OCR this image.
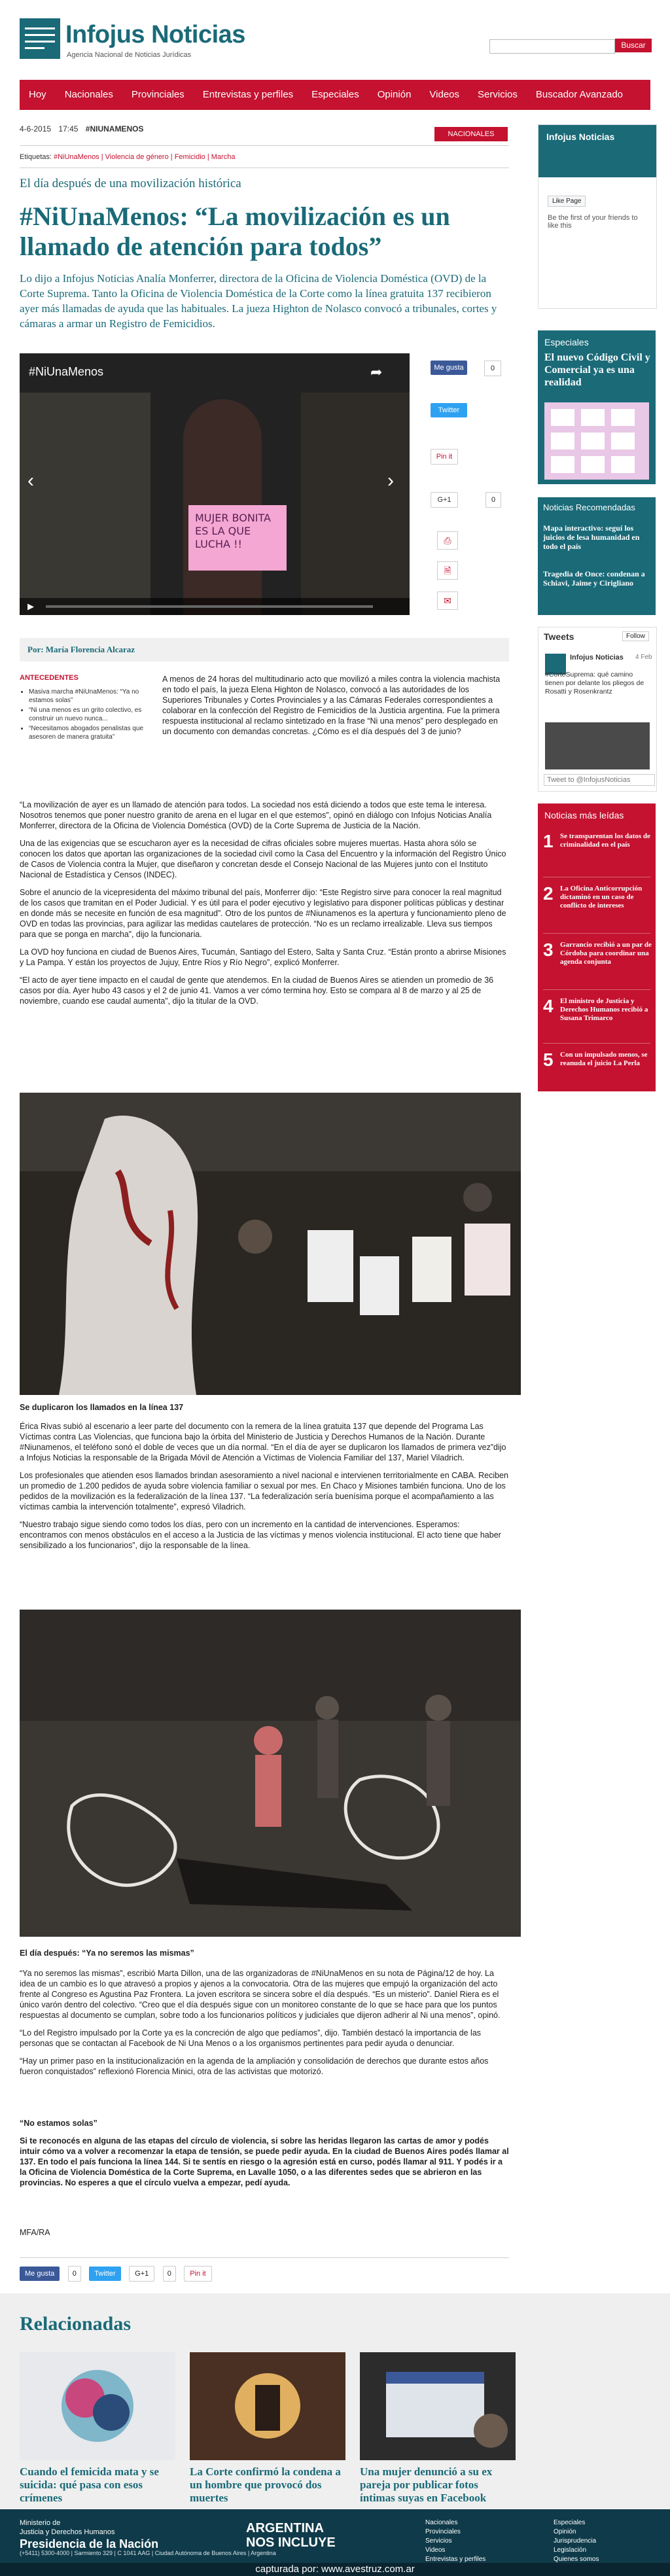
Infojus Noticias
Agencia Nacional de Noticias Jurídicas
Buscar
Hoy	Nacionales	Provinciales	Entrevistas y perfiles	Especiales	Opinión	Videos	Servicios	Buscador Avanzado
4-6-2015 17:45 #NIUNAMENOS
NACIONALES
Etiquetas: #NiUnaMenos | Violencia de género | Femicidio | Marcha
El día después de una movilización histórica
#NiUnaMenos: “La movilización es un llamado de atención para todos”
Lo dijo a Infojus Noticias Analía Monferrer, directora de la Oficina de Violencia Doméstica (OVD) de la Corte Suprema. Tanto la Oficina de Violencia Doméstica de la Corte como la línea gratuita 137 recibieron ayer más llamadas de ayuda que las habituales. La jueza Highton de Nolasco convocó a tribunales, cortes y cámaras a armar un Registro de Femicidios.
MUJER BONITA ES LA QUE LUCHA !!
#NiUnaMenos	➦
‹	›
▶
Me gusta	0
Twitter
Pin it
G+1	0
⎙
🗎
✉
Por: María Florencia Alcaraz
ANTECEDENTES
• Masiva marcha #NiUnaMenos: “Ya no estamos solas”
• “Ni una menos es un grito colectivo, es construir un nuevo nunca...
• “Necesitamos abogados penalistas que asesoren de manera gratuita”

A menos de 24 horas del multitudinario acto que movilizó a miles contra la violencia machista en todo el país, la jueza Elena Highton de Nolasco, convocó a las autoridades de los Superiores Tribunales y Cortes Provinciales y a las Cámaras Federales correspondientes a colaborar en la confección del Registro de Femicidios de la Justicia argentina. Fue la primera respuesta institucional al reclamo sintetizado en la frase “Ni una menos” pero desplegado en un documento con demandas concretas. ¿Cómo es el día después del 3 de junio?

“La movilización de ayer es un llamado de atención para todos. La sociedad nos está diciendo a todos que este tema le interesa. Nosotros tenemos que poner nuestro granito de arena en el lugar en el que estemos”, opinó en diálogo con Infojus Noticias Analía Monferrer, directora de la Oficina de Violencia Doméstica (OVD) de la Corte Suprema de Justicia de la Nación.

Una de las exigencias que se escucharon ayer es la necesidad de cifras oficiales sobre mujeres muertas. Hasta ahora sólo se conocen los datos que aportan las organizaciones de la sociedad civil como la Casa del Encuentro y la información del Registro Único de Casos de Violencia contra la Mujer, que diseñaron y concretan desde el Consejo Nacional de las Mujeres junto con el Instituto Nacional de Estadística y Censos (INDEC).

Sobre el anuncio de la vicepresidenta del máximo tribunal del país, Monferrer dijo: “Este Registro sirve para conocer la real magnitud de los casos que tramitan en el Poder Judicial. Y es útil para el poder ejecutivo y legislativo para disponer políticas públicas y destinar en donde más se necesite en función de esa magnitud”. Otro de los puntos de #Niunamenos es la apertura y funcionamiento pleno de OVD en todas las provincias, para agilizar las medidas cautelares de protección. “No es un reclamo irrealizable. Lleva sus tiempos para que se ponga en marcha”, dijo la funcionaria.

La OVD hoy funciona en ciudad de Buenos Aires, Tucumán, Santiago del Estero, Salta y Santa Cruz. “Están pronto a abrirse Misiones y La Pampa. Y están los proyectos de Jujuy, Entre Ríos y Río Negro”, explicó Monferrer.

“El acto de ayer tiene impacto en el caudal de gente que atendemos. En la ciudad de Buenos Aires se atienden un promedio de 36 casos por día. Ayer hubo 43 casos y el 2 de junio 41. Vamos a ver cómo termina hoy. Esto se compara al 8 de marzo y al 25 de noviembre, cuando ese caudal aumenta”, dijo la titular de la OVD.

Se duplicaron los llamados en la línea 137

Érica Rivas subió al escenario a leer parte del documento con la remera de la línea gratuita 137 que depende del Programa Las Víctimas contra Las Violencias, que funciona bajo la órbita del Ministerio de Justicia y Derechos Humanos de la Nación. Durante #Niunamenos, el teléfono sonó el doble de veces que un día normal. “En el día de ayer se duplicaron los llamados de primera vez”dijo a Infojus Noticias la responsable de la Brigada Móvil de Atención a Víctimas de Violencia Familiar del 137, Mariel Viladrich.

Los profesionales que atienden esos llamados brindan asesoramiento a nivel nacional e intervienen territorialmente en CABA. Reciben un promedio de 1.200 pedidos de ayuda sobre violencia familiar o sexual por mes. En Chaco y Misiones también funciona. Uno de los pedidos de la movilización es la federalización de la línea 137. “La federalización sería buenísima porque el acompañamiento a las víctimas cambia la intervención totalmente”, expresó Viladrich.

“Nuestro trabajo sigue siendo como todos los días, pero con un incremento en la cantidad de intervenciones. Esperamos: encontramos con menos obstáculos en el acceso a la Justicia de las víctimas y menos violencia institucional. El acto tiene que haber sensibilizado a los funcionarios”, dijo la responsable de la línea.

El día después: “Ya no seremos las mismas”

“Ya no seremos las mismas”, escribió Marta Dillon, una de las organizadoras de #NiUnaMenos en su nota de Página/12 de hoy. La idea de un cambio es lo que atravesó a propios y ajenos a la convocatoria. Otra de las mujeres que empujó la organización del acto frente al Congreso es Agustina Paz Frontera. La joven escritora se sincera sobre el día después. “Es un misterio”. Daniel Riera es el único varón dentro del colectivo. “Creo que el día después sigue con un monitoreo constante de lo que se hace para que los puntos respuestas al documento se cumplan, sobre todo a los funcionarios políticos y judiciales que dijeron adherir al Ni una menos”, opinó.

“Lo del Registro impulsado por la Corte ya es la concreción de algo que pedíamos”, dijo. También destacó la importancia de las personas que se contactan al Facebook de Ni Una Menos o a los organismos pertinentes para pedir ayuda o denunciar.

“Hay un primer paso en la institucionalización en la agenda de la ampliación y consolidación de derechos que durante estos años fueron conquistados” reflexionó Florencia Minici, otra de las activistas que motorizó.

“No estamos solas”

Si te reconocés en alguna de las etapas del círculo de violencia, si sobre las heridas llegaron las cartas de amor y podés intuir cómo va a volver a recomenzar la etapa de tensión, se puede pedir ayuda. En la ciudad de Buenos Aires podés llamar al 137. En todo el país funciona la línea 144. Si te sentís en riesgo o la agresión está en curso, podés llamar al 911. Y podés ir a la Oficina de Violencia Doméstica de la Corte Suprema, en Lavalle 1050, o a las diferentes sedes que se abrieron en las provincias. No esperes a que el círculo vuelva a empezar, pedí ayuda.

MFA/RA

Me gusta 0 Twitter	G+1	0	Pin it
Relacionadas
Cuando el femicida mata y se suicida: qué pasa con esos crímenes
La Corte confirmó la condena a un hombre que provocó dos muertes
Una mujer denunció a su ex pareja por publicar fotos íntimas suyas en Facebook
Ministerio de
Justicia y Derechos Humanos
Presidencia de la Nación
(+5411) 5300-4000 | Sarmiento 329 | C 1041 AAG | Ciudad Autónoma de Buenos Aires | Argentina
ARGENTINA
NOS INCLUYE
Nacionales
Provinciales
Servicios
Videos
Entrevistas y perfiles
Especiales
Opinión
Jurisprudencia
Legislación
Quienes somos
capturada por: www.avestruz.com.ar
Infojus Noticias
Like Page
Be the first of your friends to like this
Especiales
El nuevo Código Civil y Comercial ya es una realidad
Noticias Recomendadas
Mapa interactivo: seguí los juicios de lesa humanidad en todo el país
Tragedia de Once: condenan a Schiavi, Jaime y Cirigliano
Tweets	Follow
Infojus Noticias 4 Feb
#CorteSuprema: qué camino tienen por delante los pliegos de Rosatti y Rosenkrantz
Tweet to @InfojusNoticias
Noticias más leídas
1 Se transparentan los datos de criminalidad en el país
2 La Oficina Anticorrupción dictaminó en un caso de conflicto de intereses
3 Garrancio recibió a un par de Córdoba para coordinar una agenda conjunta
4 El ministro de Justicia y Derechos Humanos recibió a Susana Trimarco
5 Con un impulsado menos, se reanuda el juicio La Perla
